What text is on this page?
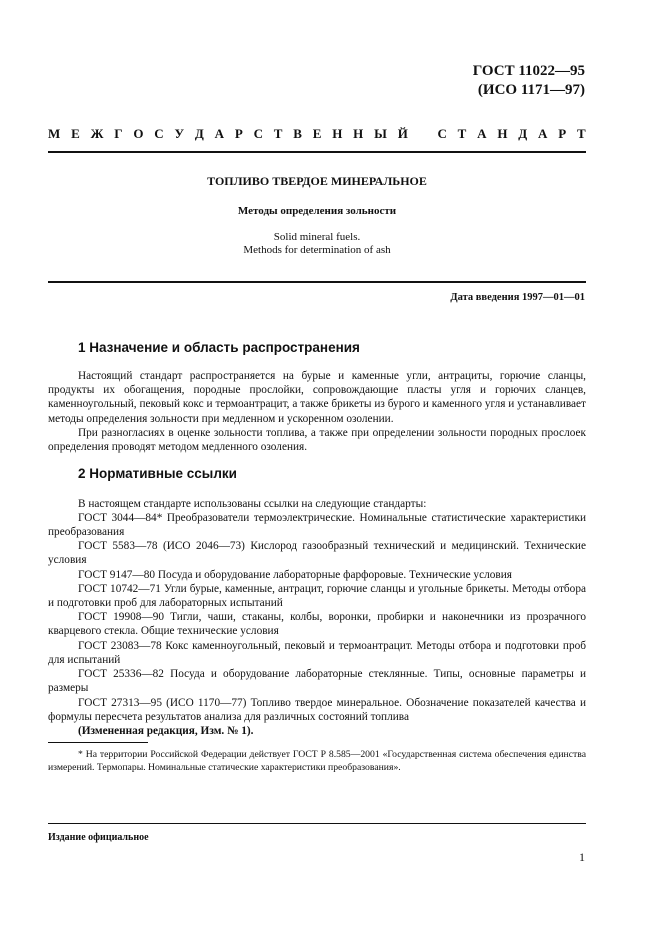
ГОСТ 11022—95
(ИСО 1171—97)
М Е Ж Г О С У Д А Р С Т В Е Н Н Ы Й С Т А Н Д А Р Т
ТОПЛИВО ТВЕРДОЕ МИНЕРАЛЬНОЕ
Методы определения зольности
Solid mineral fuels.
Methods for determination of ash
Дата введения 1997—01—01
1 Назначение и область распространения

Настоящий стандарт распространяется на бурые и каменные угли, антрациты, горючие сланцы, продукты их обогащения, породные прослойки, сопровождающие пласты угля и горючих сланцев, каменноугольный, пековый кокс и термоантрацит, а также брикеты из бурого и каменного угля и устанавливает методы определения зольности при медленном и ускоренном озолении.

При разногласиях в оценке зольности топлива, а также при определении зольности породных прослоек определения проводят методом медленного озоления.

2 Нормативные ссылки

В настоящем стандарте использованы ссылки на следующие стандарты:

ГОСТ 3044—84* Преобразователи термоэлектрические. Номинальные статистические характеристики преобразования

ГОСТ 5583—78 (ИСО 2046—73) Кислород газообразный технический и медицинский. Технические условия

ГОСТ 9147—80 Посуда и оборудование лабораторные фарфоровые. Технические условия

ГОСТ 10742—71 Угли бурые, каменные, антрацит, горючие сланцы и угольные брикеты. Методы отбора и подготовки проб для лабораторных испытаний

ГОСТ 19908—90 Тигли, чаши, стаканы, колбы, воронки, пробирки и наконечники из прозрачного кварцевого стекла. Общие технические условия

ГОСТ 23083—78 Кокс каменноугольный, пековый и термоантрацит. Методы отбора и подготовки проб для испытаний

ГОСТ 25336—82 Посуда и оборудование лабораторные стеклянные. Типы, основные параметры и размеры

ГОСТ 27313—95 (ИСО 1170—77) Топливо твердое минеральное. Обозначение показателей качества и формулы пересчета результатов анализа для различных состояний топлива

(Измененная редакция, Изм. № 1).

* На территории Российской Федерации действует ГОСТ Р 8.585—2001 «Государственная система обеспечения единства измерений. Термопары. Номинальные статические характеристики преобразования».

Издание официальное
1
